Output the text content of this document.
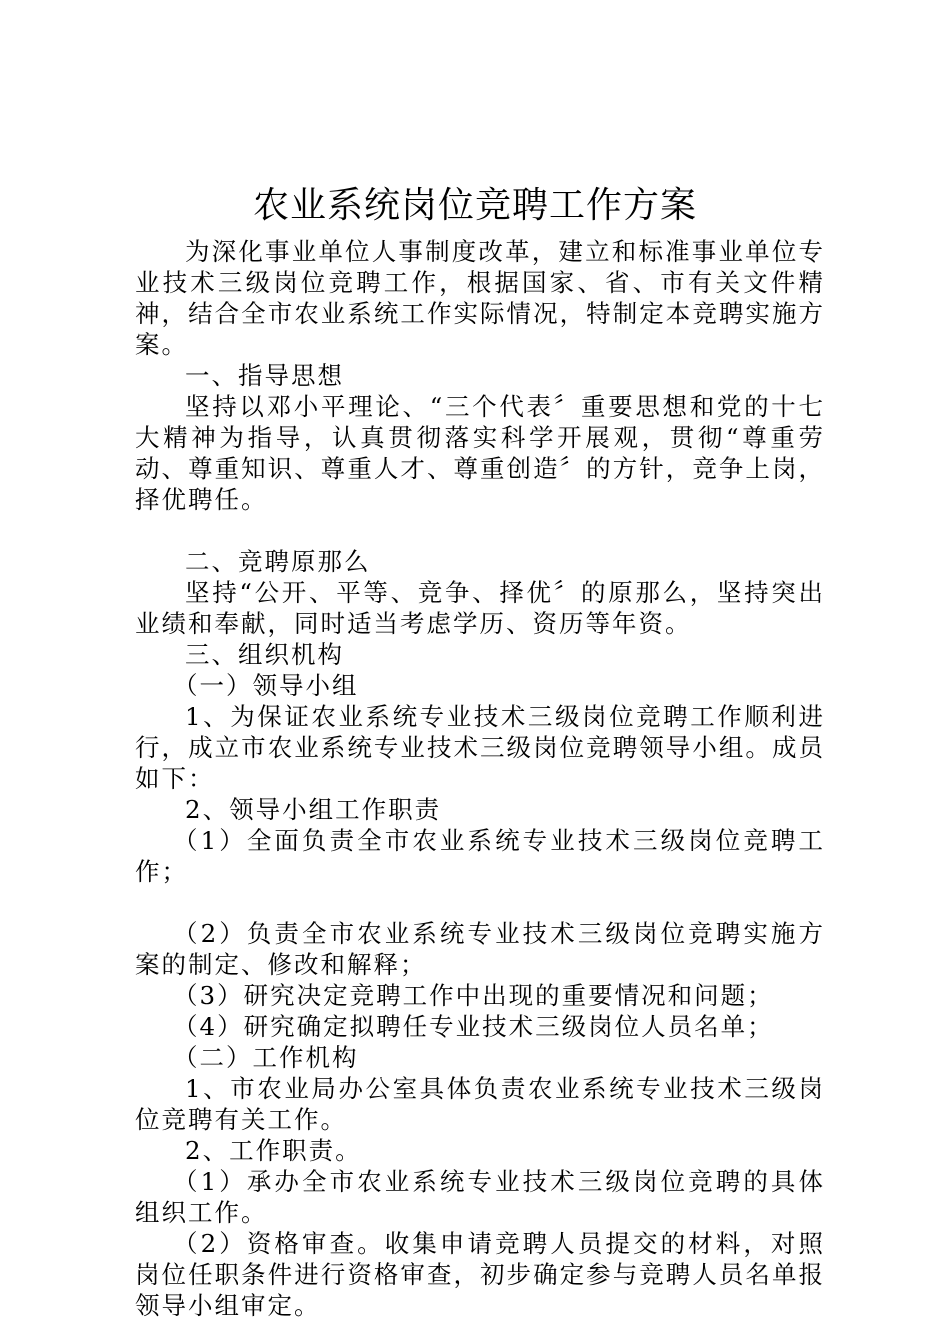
农业系统岗位竞聘工作方案

为深化事业单位人事制度改革，建立和标准事业单位专业技术三级岗位竞聘工作，根据国家、省、市有关文件精神，结合全市农业系统工作实际情况，特制定本竞聘实施方案。

一、指导思想

坚持以邓小平理论、“三个代表〞重要思想和党的十七大精神为指导，认真贯彻落实科学开展观，贯彻“尊重劳动、尊重知识、尊重人才、尊重创造〞的方针，竞争上岗，择优聘任。

二、竞聘原那么

坚持“公开、平等、竞争、择优〞的原那么，坚持突出业绩和奉献，同时适当考虑学历、资历等年资。

三、组织机构

（一）领导小组

1、为保证农业系统专业技术三级岗位竞聘工作顺利进行，成立市农业系统专业技术三级岗位竞聘领导小组。成员如下：

2、领导小组工作职责

（1）全面负责全市农业系统专业技术三级岗位竞聘工作；

（2）负责全市农业系统专业技术三级岗位竞聘实施方案的制定、修改和解释；

（3）研究决定竞聘工作中出现的重要情况和问题；

（4）研究确定拟聘任专业技术三级岗位人员名单；

（二）工作机构

1、市农业局办公室具体负责农业系统专业技术三级岗位竞聘有关工作。

2、工作职责。

（1）承办全市农业系统专业技术三级岗位竞聘的具体组织工作。

（2）资格审查。收集申请竞聘人员提交的材料，对照岗位任职条件进行资格审查，初步确定参与竞聘人员名单报领导小组审定。
